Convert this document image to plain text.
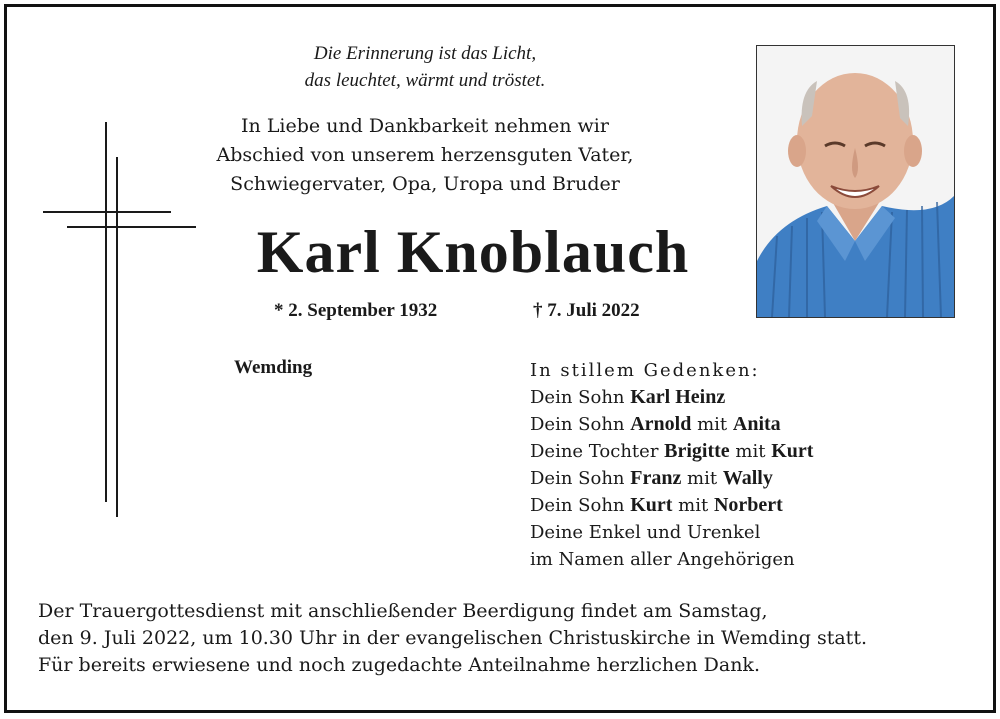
Die Erinnerung ist das Licht,
das leuchtet, wärmt und tröstet.
In Liebe und Dankbarkeit nehmen wir
Abschied von unserem herzensguten Vater,
Schwiegervater, Opa, Uropa und Bruder
Karl Knoblauch
* 2. September 1932	† 7. Juli 2022
Wemding	In stillem Gedenken:
Dein Sohn Karl Heinz
Dein Sohn Arnold mit Anita
Deine Tochter Brigitte mit Kurt
Dein Sohn Franz mit Wally
Dein Sohn Kurt mit Norbert
Deine Enkel und Urenkel
im Namen aller Angehörigen
Der Trauergottesdienst mit anschließender Beerdigung findet am Samstag,
den 9. Juli 2022, um 10.30 Uhr in der evangelischen Christuskirche in Wemding statt.
Für bereits erwiesene und noch zugedachte Anteilnahme herzlichen Dank.
